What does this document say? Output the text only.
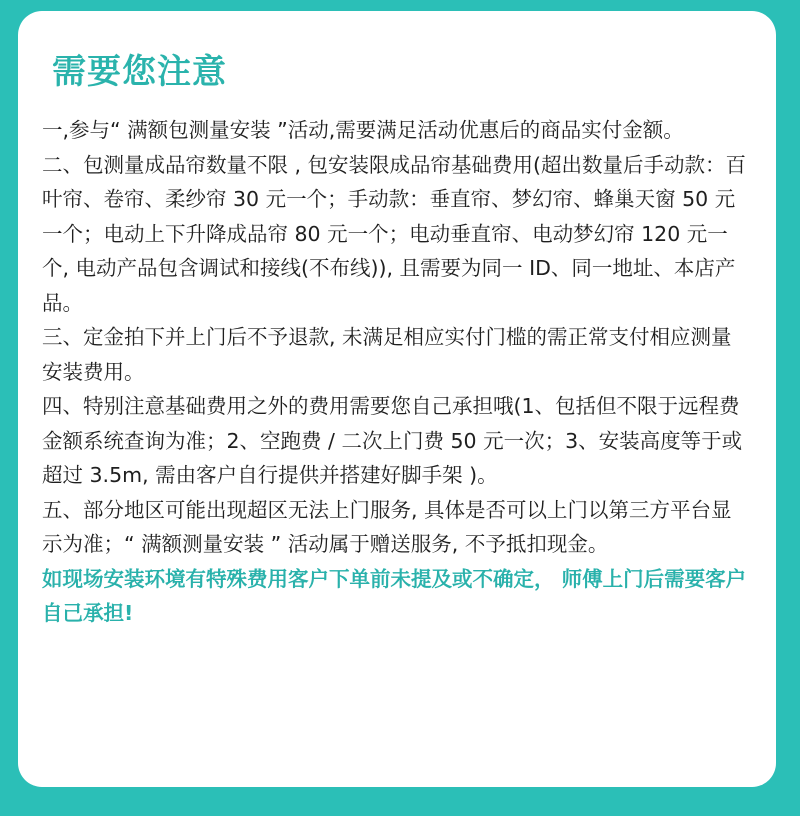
需要您注意

一,参与“ 满额包测量安装 ”活动,需要满足活动优惠后的商品实付金额。

二、包测量成品帘数量不限 , 包安装限成品帘基础费用(超出数量后手动款：百叶帘、卷帘、柔纱帘 30 元一个；手动款：垂直帘、梦幻帘、蜂巢天窗 50 元一个；电动上下升降成品帘 80 元一个；电动垂直帘、电动梦幻帘 120 元一个, 电动产品包含调试和接线(不布线)), 且需要为同一 ID、同一地址、本店产品。

三、定金拍下并上门后不予退款, 未满足相应实付门槛的需正常支付相应测量安装费用。

四、特别注意基础费用之外的费用需要您自己承担哦(1、包括但不限于远程费金额系统查询为准；2、空跑费 / 二次上门费 50 元一次；3、安装高度等于或超过 3.5m, 需由客户自行提供并搭建好脚手架 )。

五、部分地区可能出现超区无法上门服务, 具体是否可以上门以第三方平台显示为准；“ 满额测量安装 ” 活动属于赠送服务, 不予抵扣现金。

如现场安装环境有特殊费用客户下单前未提及或不确定， 师傅上门后需要客户自己承担!
